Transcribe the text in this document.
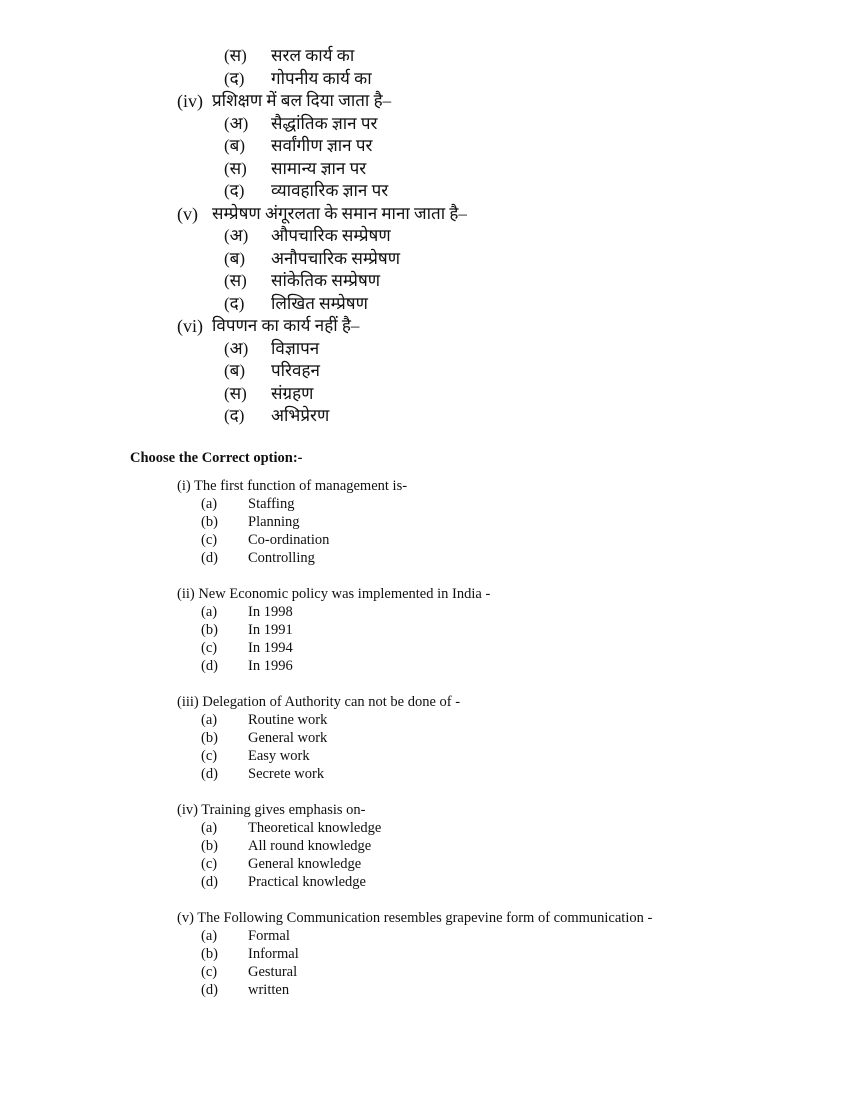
(स) सरल कार्य का
(द) गोपनीय कार्य का
(iv) प्रशिक्षण में बल दिया जाता है–
(अ) सैद्धांतिक ज्ञान पर
(ब) सर्वांगीण ज्ञान पर
(स) सामान्य ज्ञान पर
(द) व्यावहारिक ज्ञान पर
(v) सम्प्रेषण अंगूरलता के समान माना जाता है–
(अ) औपचारिक सम्प्रेषण
(ब) अनौपचारिक सम्प्रेषण
(स) सांकेतिक सम्प्रेषण
(द) लिखित सम्प्रेषण
(vi) विपणन का कार्य नहीं है–
(अ) विज्ञापन
(ब) परिवहन
(स) संग्रहण
(द) अभिप्रेरण
Choose the Correct option:-
(i) The first function of management is-
(a) Staffing
(b) Planning
(c) Co-ordination
(d) Controlling
(ii) New Economic policy was implemented in India -
(a) In 1998
(b) In 1991
(c) In 1994
(d) In 1996
(iii) Delegation of Authority can not be done of -
(a) Routine work
(b) General work
(c) Easy work
(d) Secrete work
(iv) Training gives emphasis on-
(a) Theoretical knowledge
(b) All round knowledge
(c) General knowledge
(d) Practical knowledge
(v) The Following Communication resembles grapevine form of communication -
(a) Formal
(b) Informal
(c) Gestural
(d) written
